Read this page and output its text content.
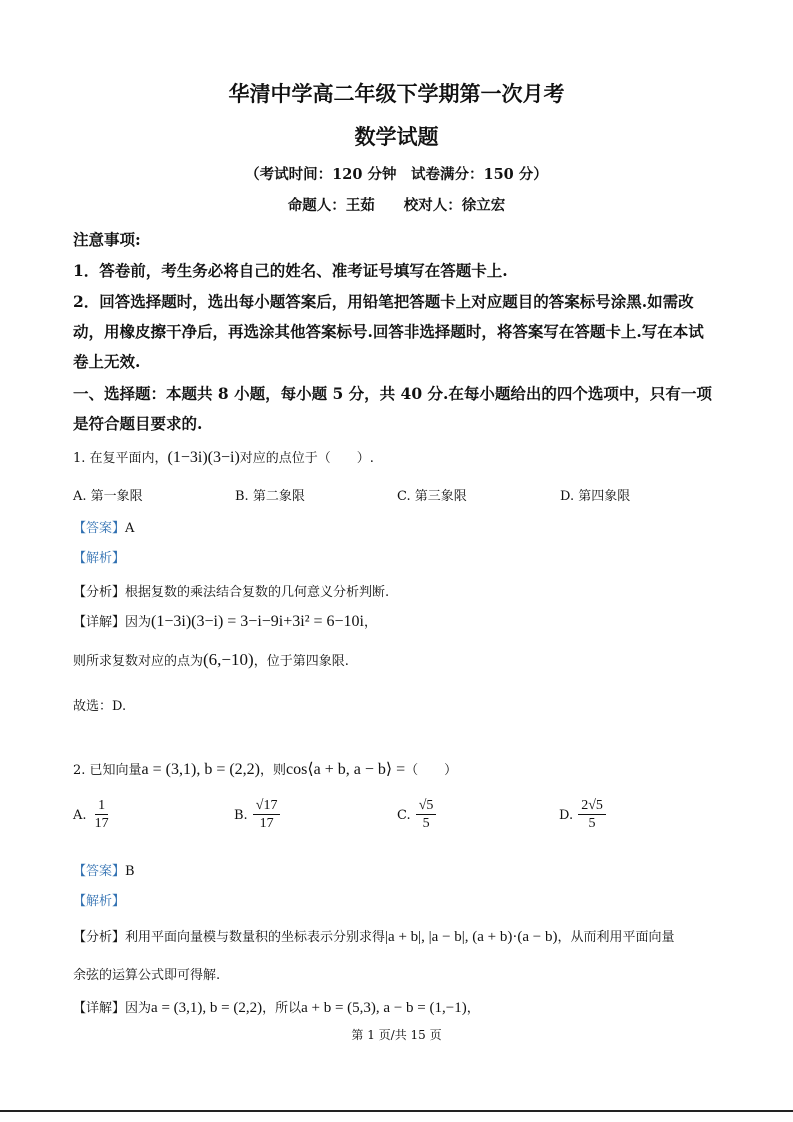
华清中学高二年级下学期第一次月考
数学试题
（考试时间：120 分钟　试卷满分：150 分）
命题人：王茹　　校对人：徐立宏
注意事项:
1．答卷前，考生务必将自己的姓名、准考证号填写在答题卡上.
2．回答选择题时，选出每小题答案后，用铅笔把答题卡上对应题目的答案标号涂黑.如需改
动，用橡皮擦干净后，再选涂其他答案标号.回答非选择题时，将答案写在答题卡上.写在本试
卷上无效.
一、选择题：本题共 8 小题，每小题 5 分，共 40 分.在每小题给出的四个选项中，只有一项
是符合题目要求的.
1. 在复平面内，(1−3i)(3−i)对应的点位于（　　）.
A. 第一象限	B. 第二象限	C. 第三象限	D. 第四象限
【答案】A
【解析】
【分析】根据复数的乘法结合复数的几何意义分析判断.
【详解】因为(1−3i)(3−i) = 3−i−9i+3i² = 6−10i，
则所求复数对应的点为(6,−10)，位于第四象限.
故选：D.
2. 已知向量a = (3,1), b = (2,2)，则cos⟨a + b, a − b⟩ =（　　）
A. $\frac{1}{17}$	B. $\frac{√17}{17}$	C. $\frac{√5}{5}$	D. $\frac{2√5}{5}$
【答案】B
【解析】
【分析】利用平面向量模与数量积的坐标表示分别求得|a + b|, |a − b|, (a + b)·(a − b)，从而利用平面向量
余弦的运算公式即可得解.
【详解】因为a = (3,1), b = (2,2)，所以a + b = (5,3), a − b = (1,−1)，
第 1 页/共 15 页
